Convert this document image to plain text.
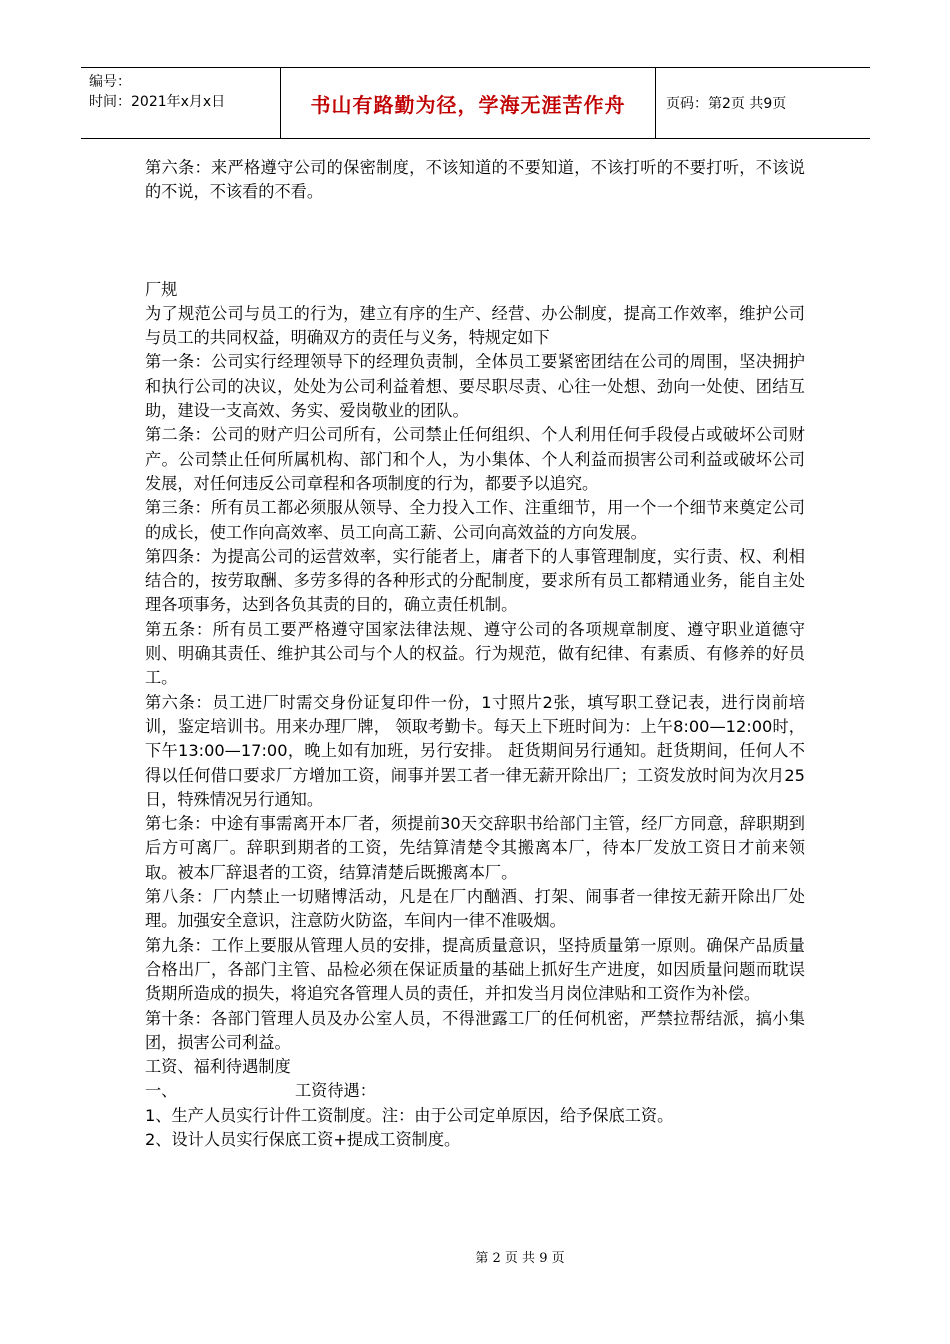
编号：
时间：2021年x月x日	书山有路勤为径，学海无涯苦作舟	页码：第2页 共9页

第六条：来严格遵守公司的保密制度，不该知道的不要知道，不该打听的不要打听，不该说的不说，不该看的不看。

厂规

为了规范公司与员工的行为，建立有序的生产、经营、办公制度，提高工作效率，维护公司与员工的共同权益，明确双方的责任与义务，特规定如下

第一条：公司实行经理领导下的经理负责制，全体员工要紧密团结在公司的周围，坚决拥护和执行公司的决议，处处为公司利益着想、要尽职尽责、心往一处想、劲向一处使、团结互助，建设一支高效、务实、爱岗敬业的团队。

第二条：公司的财产归公司所有，公司禁止任何组织、个人利用任何手段侵占或破坏公司财产。公司禁止任何所属机构、部门和个人，为小集体、个人利益而损害公司利益或破坏公司发展，对任何违反公司章程和各项制度的行为，都要予以追究。

第三条：所有员工都必须服从领导、全力投入工作、注重细节，用一个一个细节来奠定公司的成长，使工作向高效率、员工向高工薪、公司向高效益的方向发展。

第四条：为提高公司的运营效率，实行能者上，庸者下的人事管理制度，实行责、权、利相结合的，按劳取酬、多劳多得的各种形式的分配制度，要求所有员工都精通业务，能自主处理各项事务，达到各负其责的目的，确立责任机制。

第五条：所有员工要严格遵守国家法律法规、遵守公司的各项规章制度、遵守职业道德守则、明确其责任、维护其公司与个人的权益。行为规范，做有纪律、有素质、有修养的好员工。

第六条：员工进厂时需交身份证复印件一份，1寸照片2张，填写职工登记表，进行岗前培训，鉴定培训书。用来办理厂牌， 领取考勤卡。每天上下班时间为：上午8:00—12:00时，下午13:00—17:00，晚上如有加班，另行安排。 赶货期间另行通知。赶货期间，任何人不得以任何借口要求厂方增加工资，闹事并罢工者一律无薪开除出厂；工资发放时间为次月25日，特殊情况另行通知。

第七条：中途有事需离开本厂者，须提前30天交辞职书给部门主管，经厂方同意，辞职期到后方可离厂。辞职到期者的工资，先结算清楚令其搬离本厂，待本厂发放工资日才前来领取。被本厂辞退者的工资，结算清楚后既搬离本厂。

第八条：厂内禁止一切赌博活动，凡是在厂内酗酒、打架、闹事者一律按无薪开除出厂处理。加强安全意识，注意防火防盗，车间内一律不准吸烟。

第九条：工作上要服从管理人员的安排，提高质量意识，坚持质量第一原则。确保产品质量合格出厂，各部门主管、品检必须在保证质量的基础上抓好生产进度，如因质量问题而耽误货期所造成的损失，将追究各管理人员的责任，并扣发当月岗位津贴和工资作为补偿。

第十条：各部门管理人员及办公室人员，不得泄露工厂的任何机密，严禁拉帮结派，搞小集团，损害公司利益。

工资、福利待遇制度

一、	工资待遇：

1、生产人员实行计件工资制度。注：由于公司定单原因，给予保底工资。

2、设计人员实行保底工资+提成工资制度。

第 2 页 共 9 页
